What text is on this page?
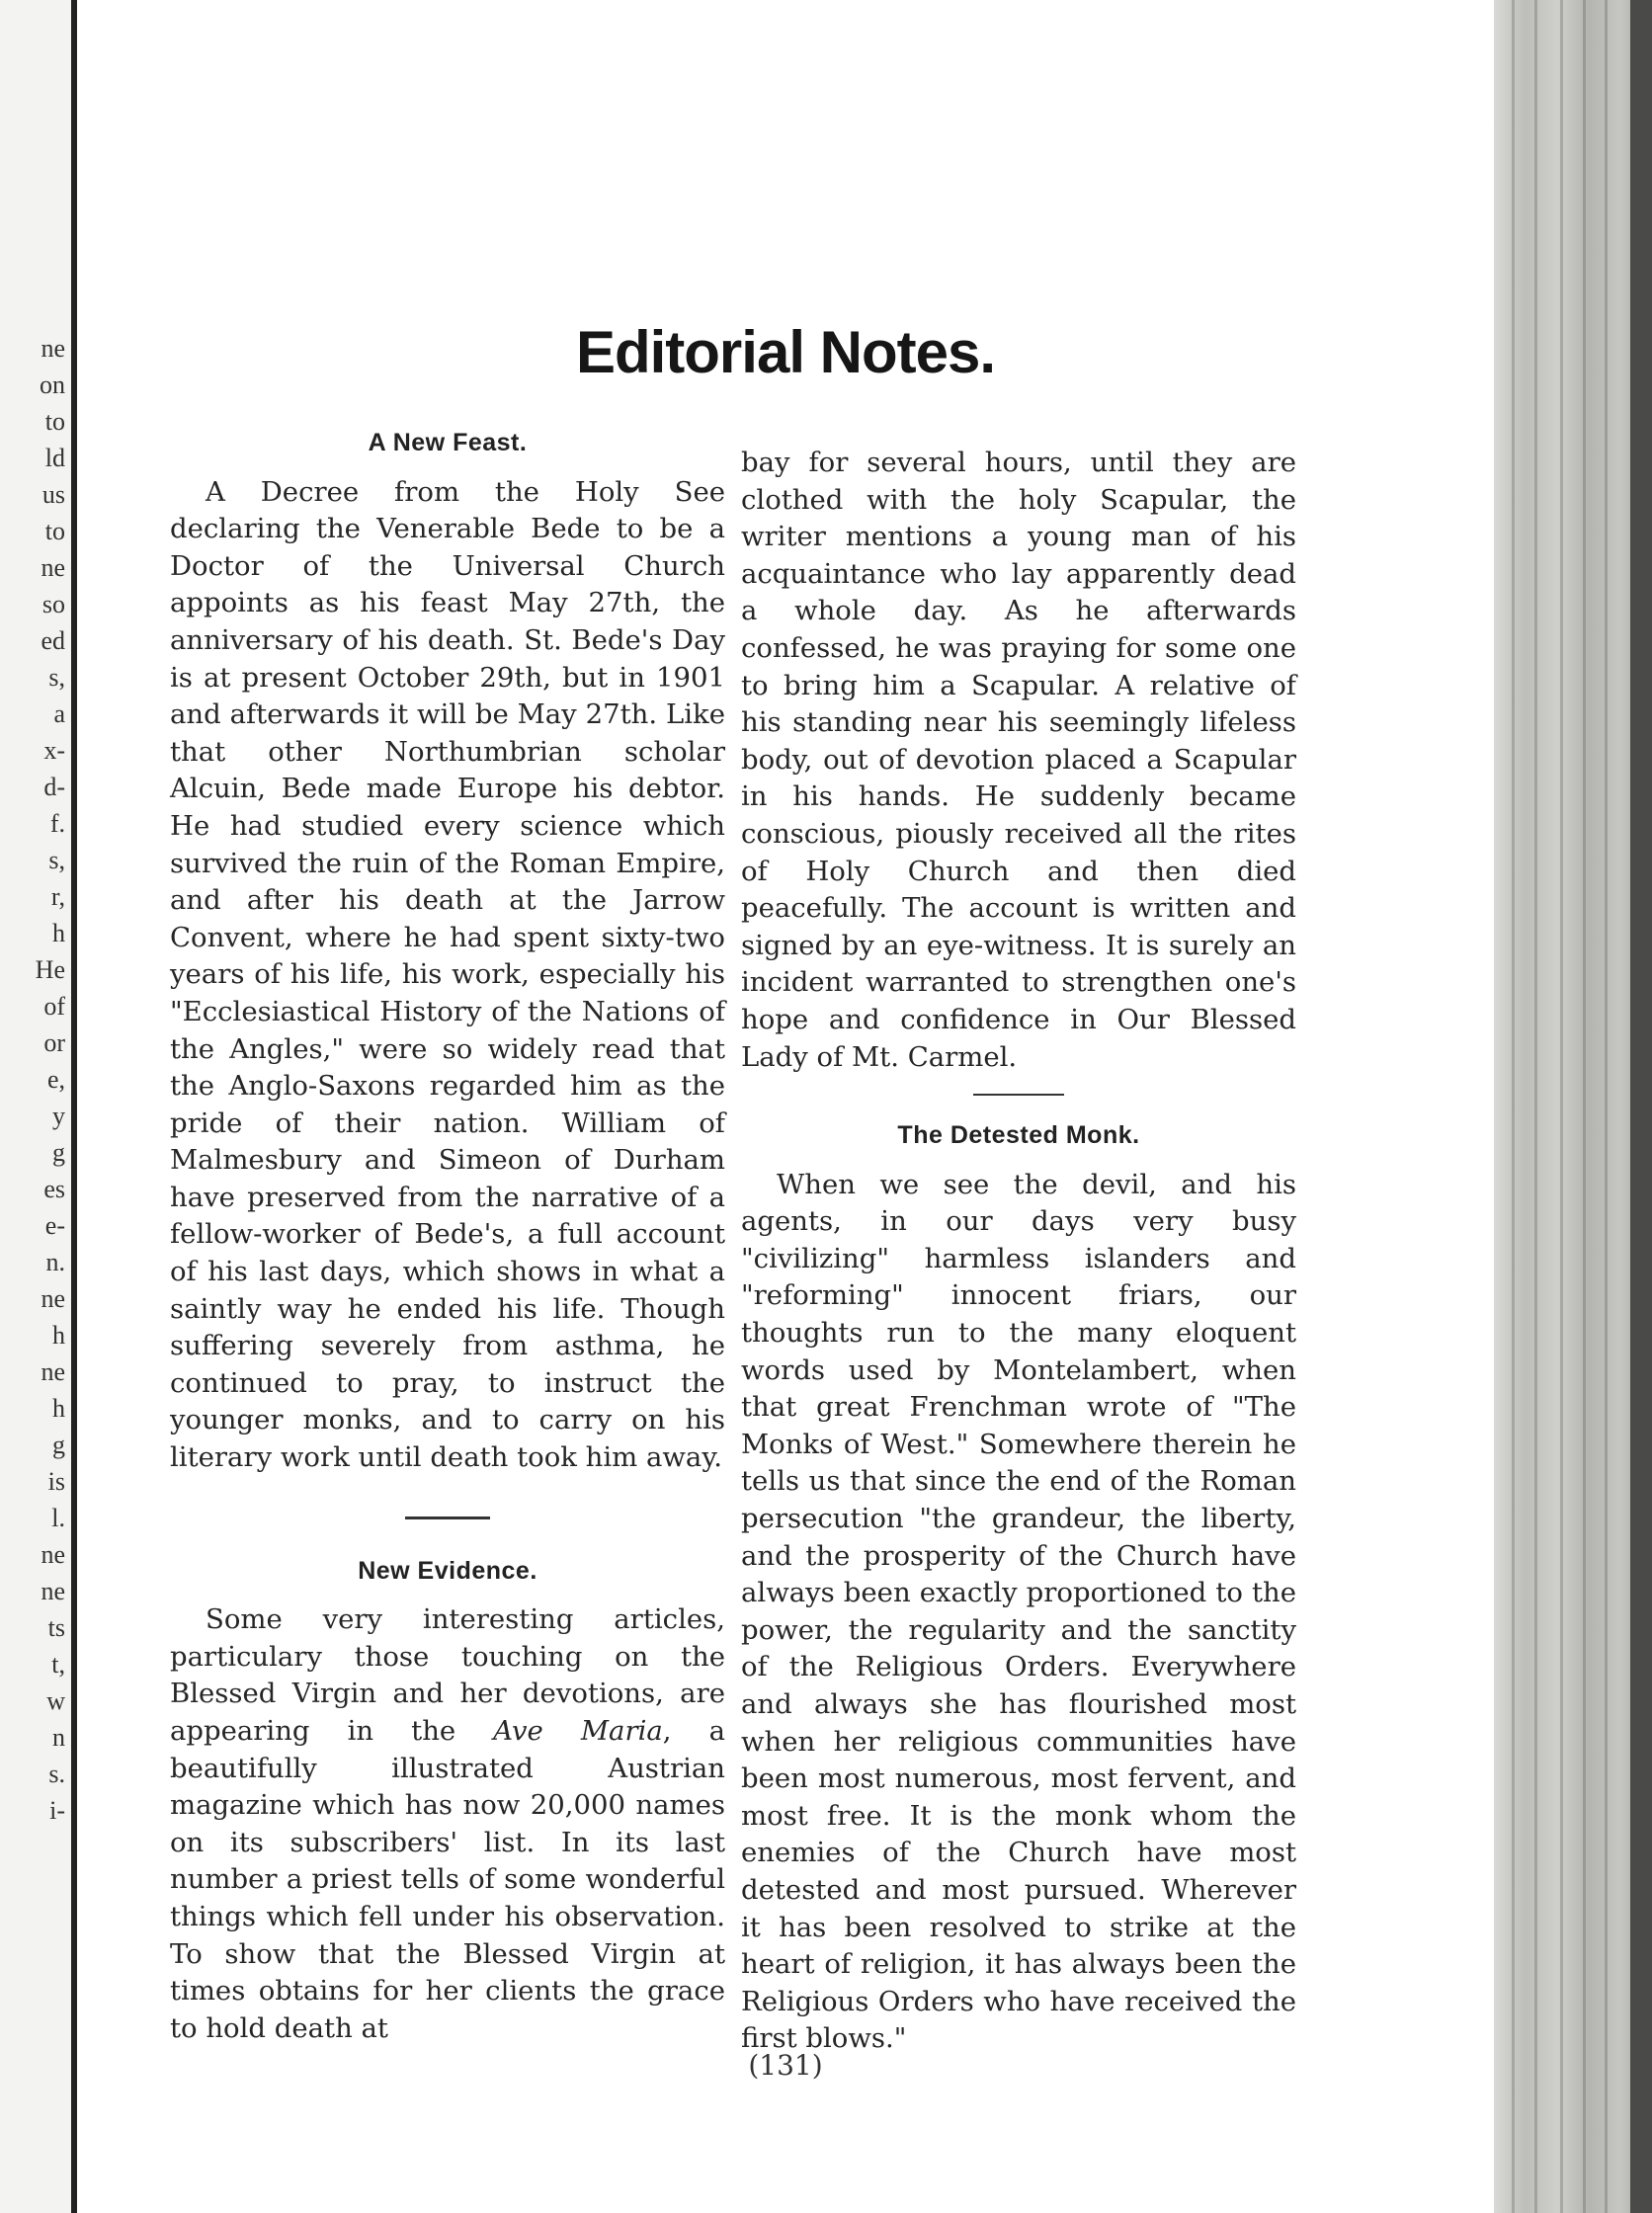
ne
on
to
ld
us
to
ne
so
ed
s,
a
x-
d-
f.
s,
r,
h
He
of
or
e,
y
g
es
e-
n.
ne
h
ne
h
g
is
l.
ne
ne
ts
t,
w
n
s.
i-
Editorial Notes.
A New Feast.

A Decree from the Holy See declaring the Venerable Bede to be a Doctor of the Universal Church appoints as his feast May 27th, the anniversary of his death. St. Bede's Day is at present October 29th, but in 1901 and afterwards it will be May 27th. Like that other Northumbrian scholar Alcuin, Bede made Europe his debtor. He had studied every science which survived the ruin of the Roman Empire, and after his death at the Jarrow Convent, where he had spent sixty-two years of his life, his work, especially his "Ecclesiastical History of the Nations of the Angles," were so widely read that the Anglo-Saxons regarded him as the pride of their nation. William of Malmesbury and Simeon of Durham have preserved from the narrative of a fellow-worker of Bede's, a full account of his last days, which shows in what a saintly way he ended his life. Though suffering severely from asthma, he continued to pray, to instruct the younger monks, and to carry on his literary work until death took him away.

New Evidence.

Some very interesting articles, particulary those touching on the Blessed Virgin and her devotions, are appearing in the Ave Maria, a beautifully illustrated Austrian magazine which has now 20,000 names on its subscribers' list. In its last number a priest tells of some wonderful things which fell under his observation. To show that the Blessed Virgin at times obtains for her clients the grace to hold death at

bay for several hours, until they are clothed with the holy Scapular, the writer mentions a young man of his acquaintance who lay apparently dead a whole day. As he afterwards confessed, he was praying for some one to bring him a Scapular. A relative of his standing near his seemingly lifeless body, out of devotion placed a Scapular in his hands. He suddenly became conscious, piously received all the rites of Holy Church and then died peacefully. The account is written and signed by an eye-witness. It is surely an incident warranted to strengthen one's hope and confidence in Our Blessed Lady of Mt. Carmel.

The Detested Monk.

When we see the devil, and his agents, in our days very busy "civilizing" harmless islanders and "reforming" innocent friars, our thoughts run to the many eloquent words used by Montelambert, when that great Frenchman wrote of "The Monks of West." Somewhere therein he tells us that since the end of the Roman persecution "the grandeur, the liberty, and the prosperity of the Church have always been exactly proportioned to the power, the regularity and the sanctity of the Religious Orders. Everywhere and always she has flourished most when her religious communities have been most numerous, most fervent, and most free. It is the monk whom the enemies of the Church have most detested and most pursued. Wherever it has been resolved to strike at the heart of religion, it has always been the Religious Orders who have received the first blows."

(131)
